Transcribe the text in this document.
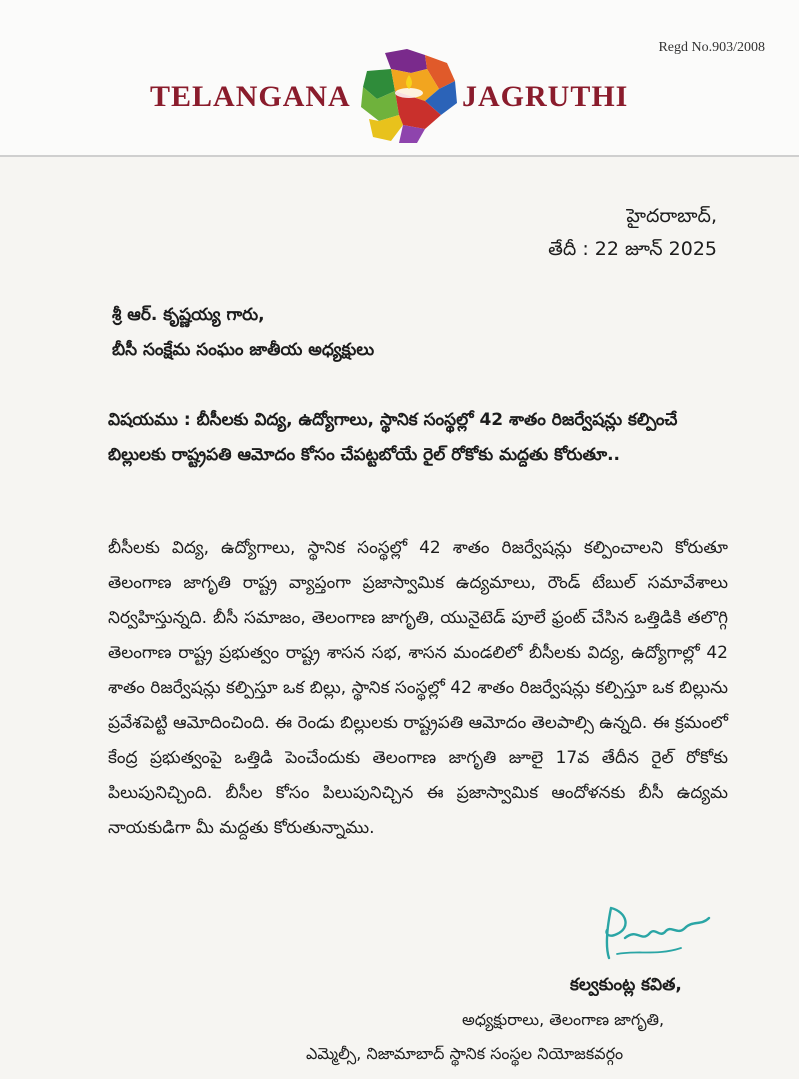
Regd No.903/2008
TELANGANA	JAGRUTHI
హైదరాబాద్,
తేదీ : 22 జూన్ 2025
శ్రీ ఆర్. కృష్ణయ్య గారు,
బీసీ సంక్షేమ సంఘం జాతీయ అధ్యక్షులు
విషయము : బీసీలకు విద్య, ఉద్యోగాలు, స్థానిక సంస్థల్లో 42 శాతం రిజర్వేషన్లు కల్పించే బిల్లులకు రాష్ట్రపతి ఆమోదం కోసం చేపట్టబోయే రైల్ రోకోకు మద్దతు కోరుతూ..
బీసీలకు విద్య, ఉద్యోగాలు, స్థానిక సంస్థల్లో 42 శాతం రిజర్వేషన్లు కల్పించాలని కోరుతూ తెలంగాణ జాగృతి రాష్ట్ర వ్యాప్తంగా ప్రజాస్వామిక ఉద్యమాలు, రౌండ్ టేబుల్ సమావేశాలు నిర్వహిస్తున్నది. బీసీ సమాజం, తెలంగాణ జాగృతి, యునైటెడ్ పూలే ఫ్రంట్ చేసిన ఒత్తిడికి తలొగ్గి తెలంగాణ రాష్ట్ర ప్రభుత్వం రాష్ట్ర శాసన సభ, శాసన మండలిలో బీసీలకు విద్య, ఉద్యోగాల్లో 42 శాతం రిజర్వేషన్లు కల్పిస్తూ ఒక బిల్లు, స్థానిక సంస్థల్లో 42 శాతం రిజర్వేషన్లు కల్పిస్తూ ఒక బిల్లును ప్రవేశపెట్టి ఆమోదించింది. ఈ రెండు బిల్లులకు రాష్ట్రపతి ఆమోదం తెలపాల్సి ఉన్నది. ఈ క్రమంలో కేంద్ర ప్రభుత్వంపై ఒత్తిడి పెంచేందుకు తెలంగాణ జాగృతి జూలై 17వ తేదీన రైల్ రోకోకు పిలుపునిచ్చింది. బీసీల కోసం పిలుపునిచ్చిన ఈ ప్రజాస్వామిక ఆందోళనకు బీసీ ఉద్యమ నాయకుడిగా మీ మద్దతు కోరుతున్నాము.
కల్వకుంట్ల కవిత,
అధ్యక్షురాలు, తెలంగాణ జాగృతి,
ఎమ్మెల్సీ, నిజామాబాద్ స్థానిక సంస్థల నియోజకవర్గం
